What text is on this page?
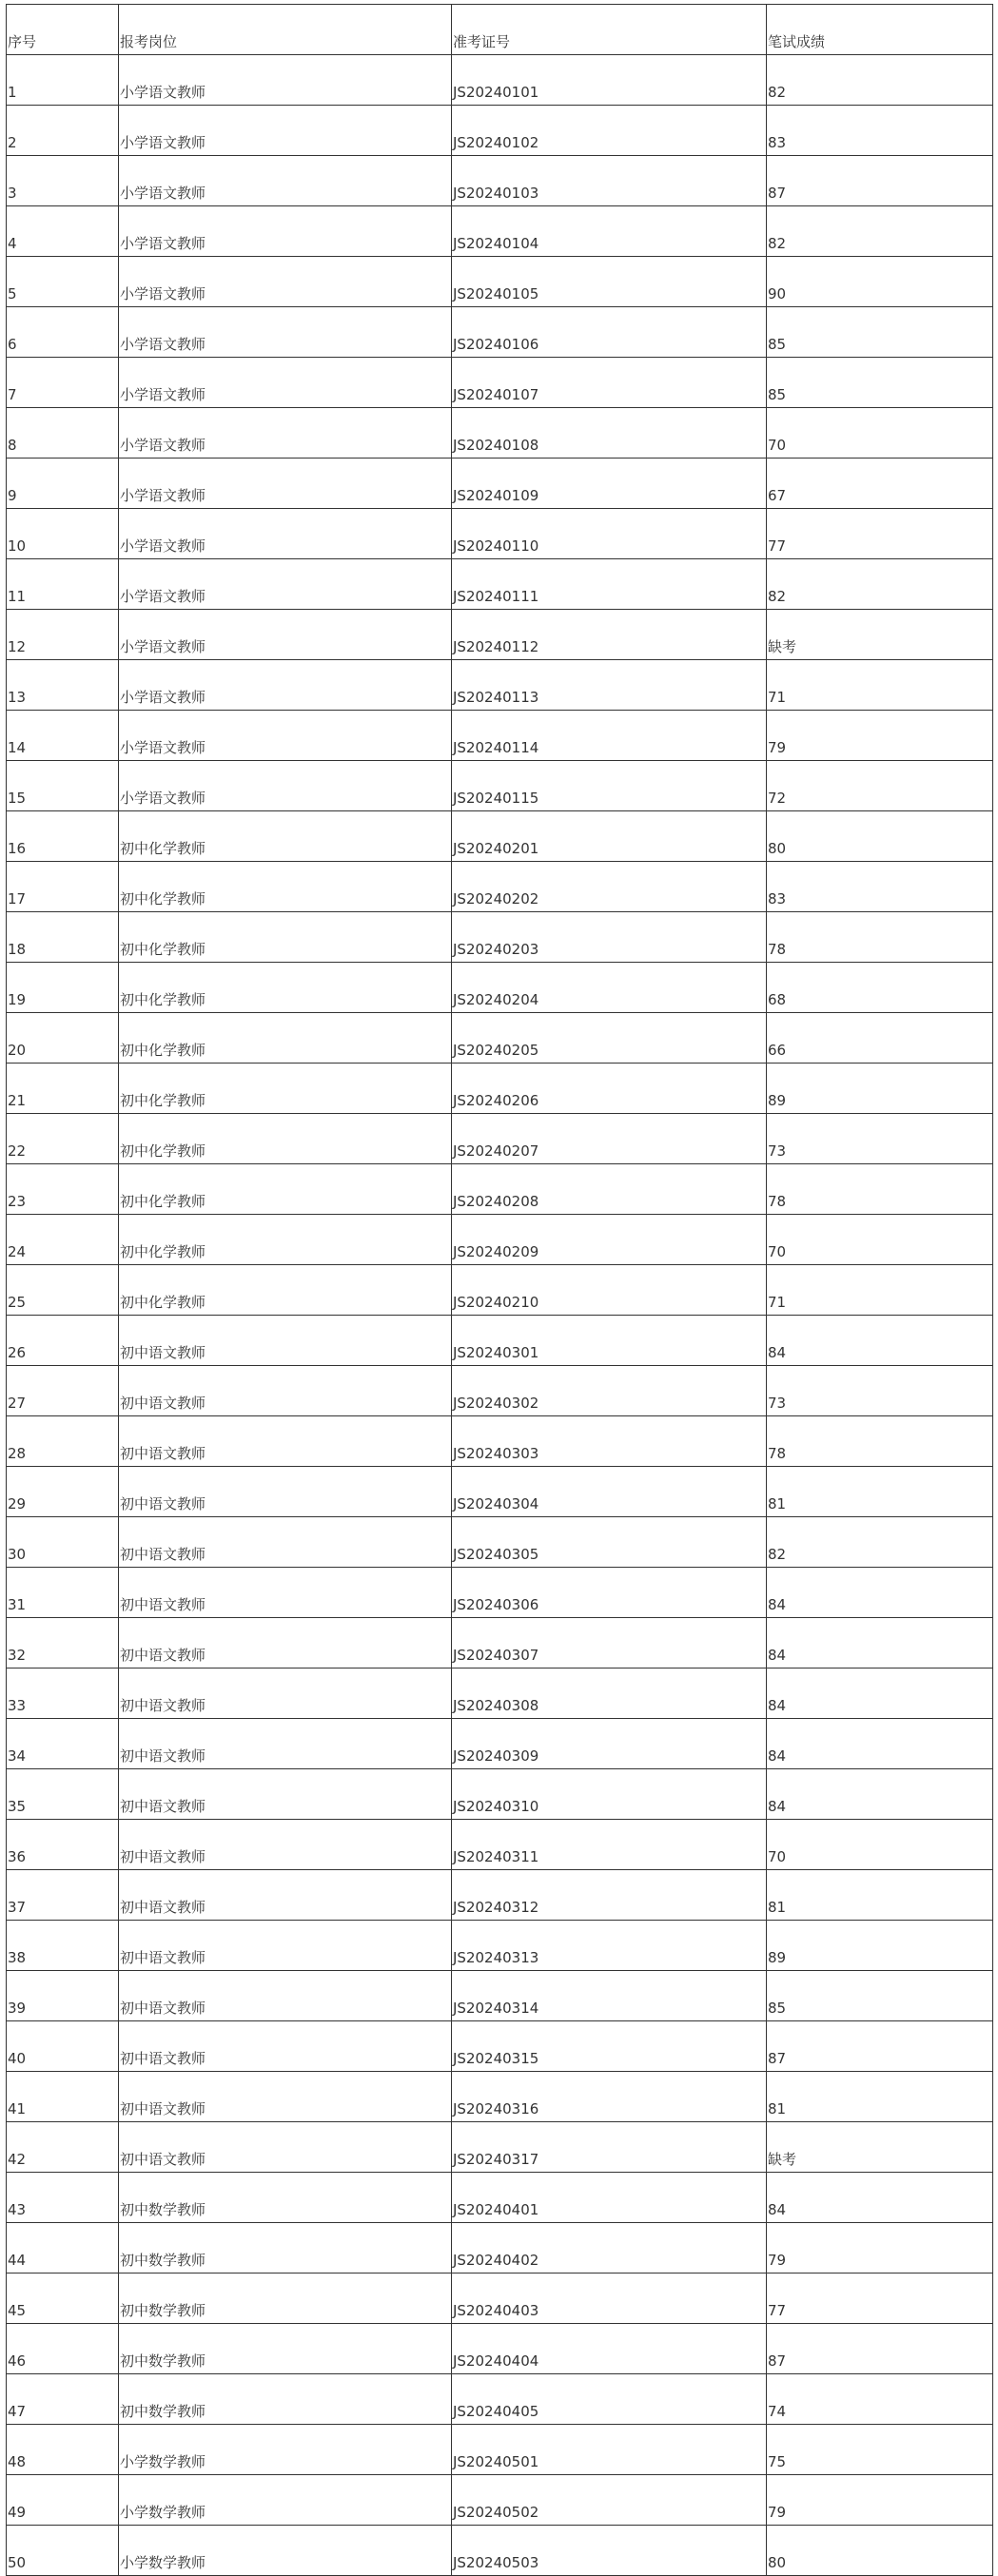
序号	报考岗位	准考证号	笔试成绩
1	小学语文教师	JS20240101	82
2	小学语文教师	JS20240102	83
3	小学语文教师	JS20240103	87
4	小学语文教师	JS20240104	82
5	小学语文教师	JS20240105	90
6	小学语文教师	JS20240106	85
7	小学语文教师	JS20240107	85
8	小学语文教师	JS20240108	70
9	小学语文教师	JS20240109	67
10	小学语文教师	JS20240110	77
11	小学语文教师	JS20240111	82
12	小学语文教师	JS20240112	缺考
13	小学语文教师	JS20240113	71
14	小学语文教师	JS20240114	79
15	小学语文教师	JS20240115	72
16	初中化学教师	JS20240201	80
17	初中化学教师	JS20240202	83
18	初中化学教师	JS20240203	78
19	初中化学教师	JS20240204	68
20	初中化学教师	JS20240205	66
21	初中化学教师	JS20240206	89
22	初中化学教师	JS20240207	73
23	初中化学教师	JS20240208	78
24	初中化学教师	JS20240209	70
25	初中化学教师	JS20240210	71
26	初中语文教师	JS20240301	84
27	初中语文教师	JS20240302	73
28	初中语文教师	JS20240303	78
29	初中语文教师	JS20240304	81
30	初中语文教师	JS20240305	82
31	初中语文教师	JS20240306	84
32	初中语文教师	JS20240307	84
33	初中语文教师	JS20240308	84
34	初中语文教师	JS20240309	84
35	初中语文教师	JS20240310	84
36	初中语文教师	JS20240311	70
37	初中语文教师	JS20240312	81
38	初中语文教师	JS20240313	89
39	初中语文教师	JS20240314	85
40	初中语文教师	JS20240315	87
41	初中语文教师	JS20240316	81
42	初中语文教师	JS20240317	缺考
43	初中数学教师	JS20240401	84
44	初中数学教师	JS20240402	79
45	初中数学教师	JS20240403	77
46	初中数学教师	JS20240404	87
47	初中数学教师	JS20240405	74
48	小学数学教师	JS20240501	75
49	小学数学教师	JS20240502	79
50	小学数学教师	JS20240503	80
